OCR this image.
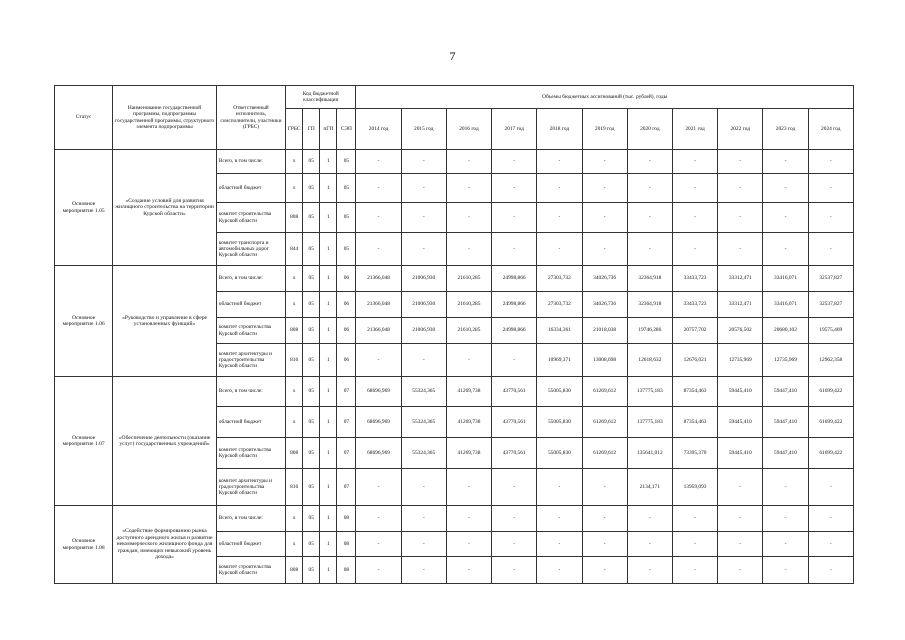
7
Статус	Наименование государственной программы, подпрограммы государственной программы, структурного элемента подпрограммы	Ответственный исполнитель, соисполнители, участники (ГРБС)	Код бюджетной классификации				Объемы бюджетных ассигнований (тыс. рублей), годы										
			ГРБС	ГП	пГП	СЭП	2014 год	2015 год	2016 год	2017 год	2018 год	2019 год	2020 год	2021 год	2022 год	2023 год	2024 год
Основное мероприятие 1.05	«Создание условий для развития жилищного строительства на территории Курской области»	Всего, в том числе:	х	05	1	05	-	-	-	-	-	-	-	-	-	-	-
		областной бюджет	х	05	1	05	-	-	-	-	-	-	-	-	-	-	-
		комитет строительства Курской области	808	05	1	05	-	-	-	-	-	-	-	-	-	-	-
		комитет транспорта и автомобильных дорог Курской области	844	05	1	05	-	-	-	-	-	-	-	-	-	-	-
Основное мероприятие 1.06	«Руководство и управление в сфере установленных функций»	Всего, в том числе:	х	05	1	06	21366,048	21006,930	21610,285	24998,866	27303,732	34026,736	32364,918	33433,723	33312,471	33416,071	32537,827
		областной бюджет	х	05	1	06	21366,048	21006,930	21610,285	24998,866	27303,732	34026,736	32364,918	33433,723	33312,471	33416,071	32537,827
		комитет строительства Курской области	808	05	1	06	21366,048	21006,930	21610,285	24998,866	16334,361	21018,038	19746,286	20757,702	20576,502	20680,102	19575,469
		комитет архитектуры и градостроительства Курской области	816	05	1	06	-	-	-	-	10969,371	13008,698	12618,632	12676,021	12735,969	12735,969	12962,358
Основное мероприятие 1.07	«Обеспечение деятельности (оказание услуг) государственных учреждений»	Всего, в том числе:	х	05	1	07	68696,969	55324,365	41269,738	43770,561	55005,830	61269,612	137775,183	87354,463	59445,410	59447,410	61699,422
		областной бюджет	х	05	1	07	68696,969	55324,365	41269,738	43770,561	55005,830	61269,612	137775,183	87354,463	59445,410	59447,410	61699,422
		комитет строительства Курской области	808	05	1	07	68696,969	55324,365	41269,738	43770,561	55005,830	61269,612	135641,012	73395,370	59445,410	59447,410	61699,422
		комитет архитектуры и градостроительства Курской области	816	05	1	07	-	-	-	-	-	-	2134,171	13959,093	-	-	-
Основное мероприятие 1.08	«Содействие формированию рынка доступного арендного жилья и развитие некоммерческого жилищного фонда для граждан, имеющих невысокий уровень дохода»	Всего, в том числе:	х	05	1	08	-	-	-	-	-	-	-	-	-	-	-
		областной бюджет	х	05	1	08	-	-	-	-	-	-	-	-	-	-	-
		комитет строительства Курской области	808	05	1	08	-	-	-	-	-	-	-	-	-	-	-
